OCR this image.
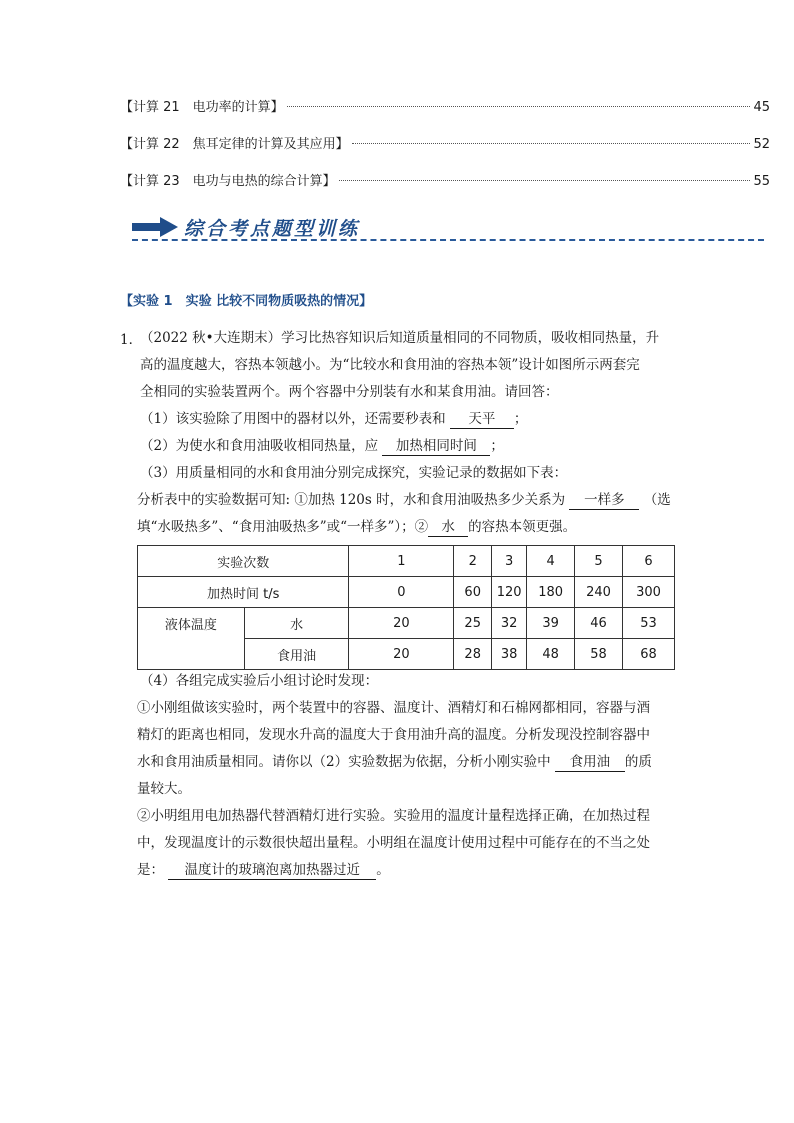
【计算 21　电功率的计算】	45
【计算 22　焦耳定律的计算及其应用】	52
【计算 23　电功与电热的综合计算】	55
综合考点题型训练
【实验 1　实验 比较不同物质吸热的情况】
1．
（2022 秋•大连期末）学习比热容知识后知道质量相同的不同物质，吸收相同热量，升
高的温度越大，容热本领越小。为“比较水和食用油的容热本领”设计如图所示两套完
全相同的实验装置两个。两个容器中分别装有水和某食用油。请回答：
（1）该实验除了用图中的器材以外，还需要秒表和 天平 ；
（2）为使水和食用油吸收相同热量，应 加热相同时间 ；
（3）用质量相同的水和食用油分别完成探究，实验记录的数据如下表：
分析表中的实验数据可知: ①加热 120s 时，水和食用油吸热多少关系为 一样多 （选
填“水吸热多”、“食用油吸热多”或“一样多”）；② 水 的容热本领更强。
实验次数		1	2	3	4	5	6
加热时间 t/s		0	60	120	180	240	300
液体温度	水	20	25	32	39	46	53
	食用油	20	28	38	48	58	68
（4）各组完成实验后小组讨论时发现：
①小刚组做该实验时，两个装置中的容器、温度计、酒精灯和石棉网都相同，容器与酒
精灯的距离也相同，发现水升高的温度大于食用油升高的温度。分析发现没控制容器中
水和食用油质量相同。请你以（2）实验数据为依据，分析小刚实验中 食用油 的质
量较大。
②小明组用电加热器代替酒精灯进行实验。实验用的温度计量程选择正确，在加热过程
中，发现温度计的示数很快超出量程。小明组在温度计使用过程中可能存在的不当之处
是： 温度计的玻璃泡离加热器过近 。
